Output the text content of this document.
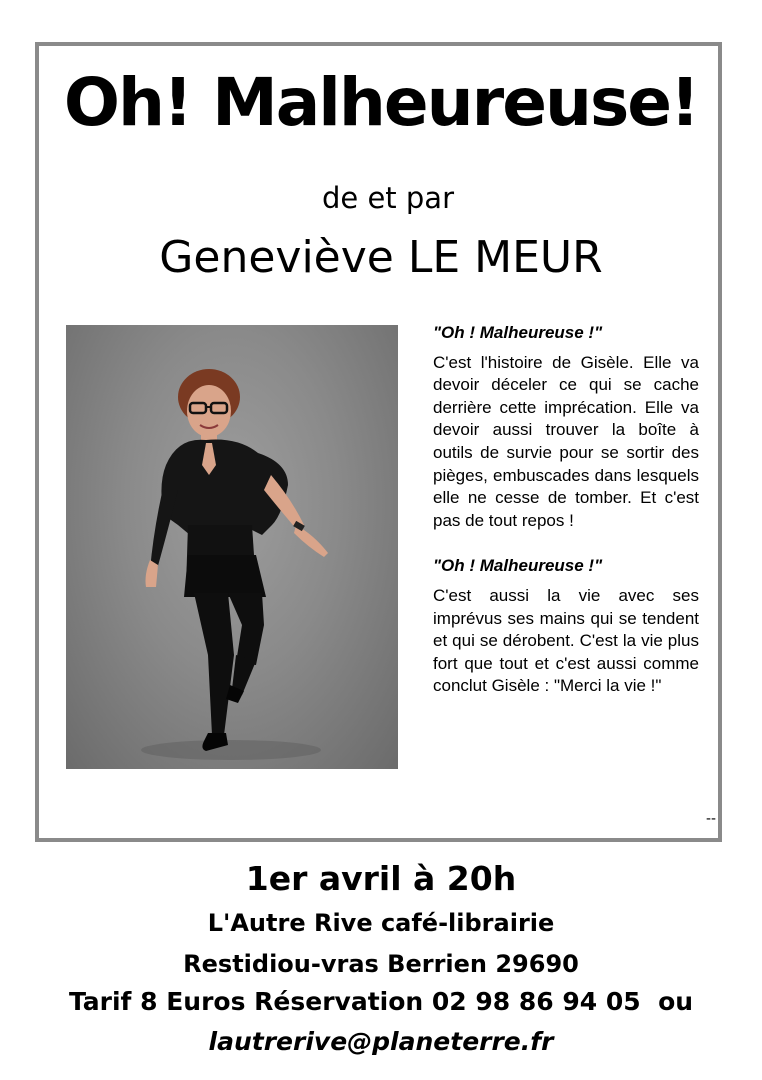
Oh! Malheureuse!
de et par
Geneviève LE MEUR

"Oh ! Malheureuse !"

C'est l'histoire de Gisèle. Elle va devoir déceler ce qui se cache derrière cette imprécation. Elle va devoir aussi trouver la boîte à outils de survie pour se sortir des pièges, embuscades dans lesquels elle ne cesse de tomber. Et c'est pas de tout repos !

"Oh ! Malheureuse !"

C'est aussi la vie avec ses imprévus ses mains qui se tendent et qui se dérobent. C'est la vie plus fort que tout et c'est aussi comme conclut Gisèle : "Merci la vie !"

--
1er avril à 20h
L'Autre Rive café-librairie
Restidiou-vras Berrien 29690
Tarif 8 Euros Réservation 02 98 86 94 05  ou
lautrerive@planeterre.fr
